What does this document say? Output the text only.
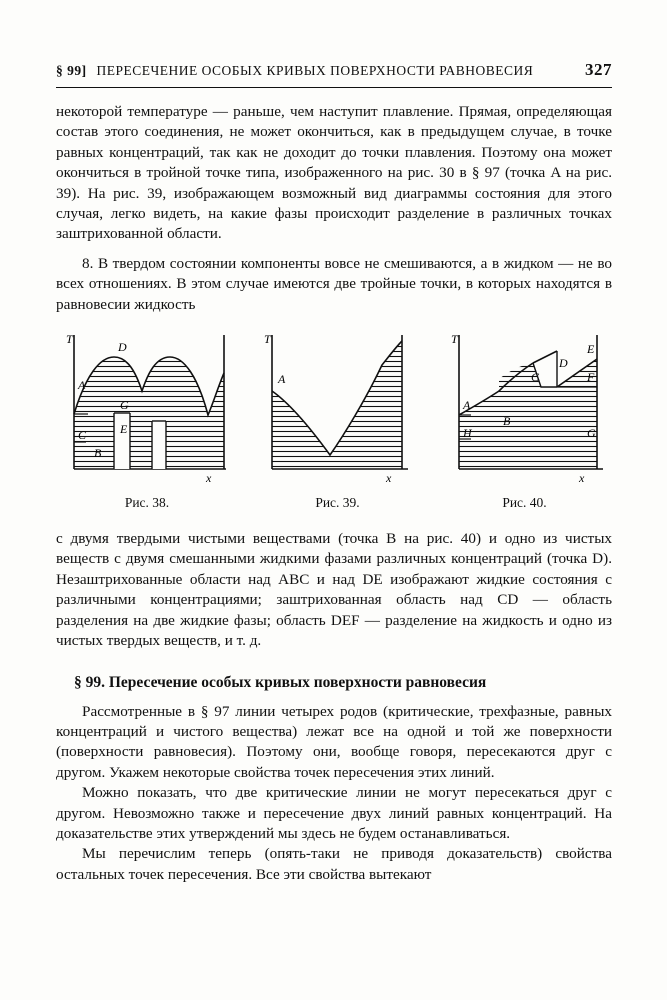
§ 99] ПЕРЕСЕЧЕНИЕ ОСОБЫХ КРИВЫХ ПОВЕРХНОСТИ РАВНОВЕСИЯ	327

некоторой температуре — раньше, чем наступит плавление. Прямая, определяющая состав этого соединения, не может окончиться, как в предыдущем случае, в точке равных концентраций, так как не доходит до точки плавления. Поэтому она может окончиться в тройной точке типа, изображенного на рис. 30 в § 97 (точка A на рис. 39). На рис. 39, изображающем возможный вид диаграммы состояния для этого случая, легко видеть, на какие фазы происходит разделение в различных точках заштрихованной области.

8. В твердом состоянии компоненты вовсе не смешиваются, а в жидком — не во всех отношениях. В этом случае имеются две тройные точки, в которых находятся в равновесии жидкость

T
x
A
C
B
D
G
E
Рис. 38.
T
x
A
Рис. 39.
T
x
A
H
B
C
D
E
F
G
Рис. 40.

с двумя твердыми чистыми веществами (точка B на рис. 40) и одно из чистых веществ с двумя смешанными жидкими фазами различных концентраций (точка D). Незаштрихованные области над ABC и над DE изображают жидкие состояния с различными концентрациями; заштрихованная область над CD — область разделения на две жидкие фазы; область DEF — разделение на жидкость и одно из чистых твердых веществ, и т. д.

§ 99. Пересечение особых кривых поверхности равновесия

Рассмотренные в § 97 линии четырех родов (критические, трехфазные, равных концентраций и чистого вещества) лежат все на одной и той же поверхности (поверхности равновесия). Поэтому они, вообще говоря, пересекаются друг с другом. Укажем некоторые свойства точек пересечения этих линий.

Можно показать, что две критические линии не могут пересекаться друг с другом. Невозможно также и пересечение двух линий равных концентраций. На доказательстве этих утверждений мы здесь не будем останавливаться.

Мы перечислим теперь (опять-таки не приводя доказательств) свойства остальных точек пересечения. Все эти свойства вытекают
